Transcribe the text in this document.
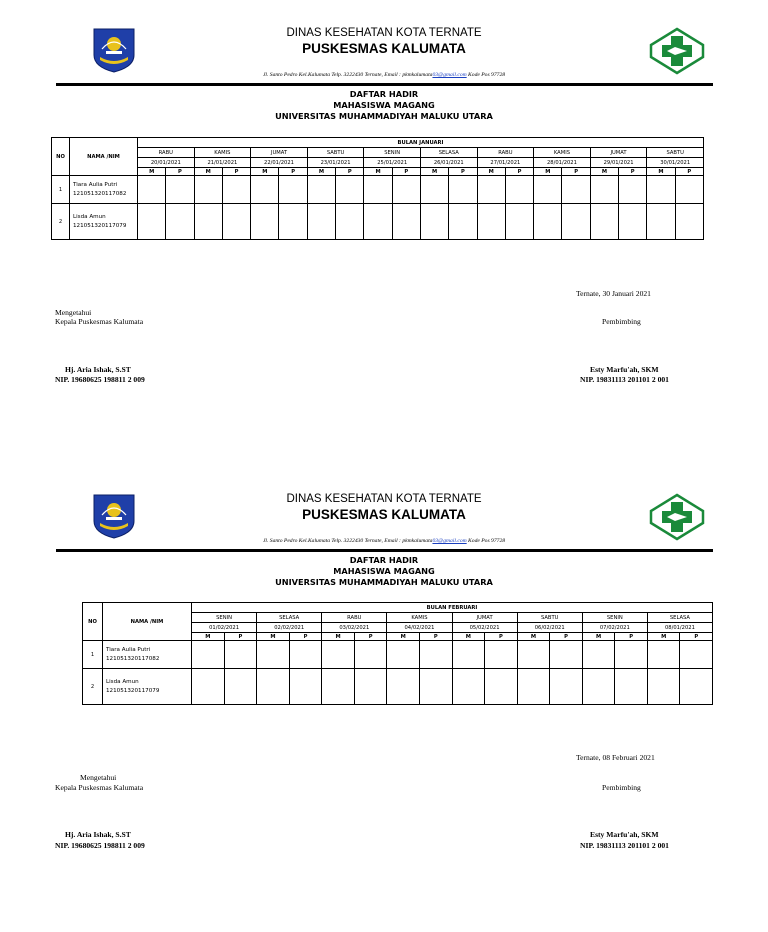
DINAS KESEHATAN KOTA TERNATE
PUSKESMAS KALUMATA
Jl. Santo Pedro Kel.Kalumata Telp. 3222430 Ternate, Email : pkmkalumata03@gmail.com Kode Pos 97728
DAFTAR HADIR
MAHASISWA MAGANG
UNIVERSITAS MUHAMMADIYAH MALUKU UTARA
NO	NAMA /NIM	BULAN JANUARI																			
		RABU		KAMIS		JUMAT		SABTU		SENIN		SELASA		RABU		KAMIS		JUMAT		SABTU	
		20/01/2021		21/01/2021		22/01/2021		23/01/2021		25/01/2021		26/01/2021		27/01/2021		28/01/2021		29/01/2021		30/01/2021	
		M	P	M	P	M	P	M	P	M	P	M	P	M	P	M	P	M	P	M	P
1	Tiara Aulia Putri
121051320117082																				

2	Lisda Amun
121051320117079																				

Ternate, 30 Januari 2021
Mengetahui
Kepala Puskesmas Kalumata	Pembimbing
Hj. Aria Ishak, S.ST
NIP. 19680625 198811 2 009
Esty Marfu'ah, SKM
NIP. 19831113 201101 2 001
DINAS KESEHATAN KOTA TERNATE
PUSKESMAS KALUMATA
Jl. Santo Pedro Kel.Kalumata Telp. 3222430 Ternate, Email : pkmkalumata03@gmail.com Kode Pos 97728
DAFTAR HADIR
MAHASISWA MAGANG
UNIVERSITAS MUHAMMADIYAH MALUKU UTARA
NO	NAMA /NIM	BULAN FEBRUARI															
		SENIN		SELASA		RABU		KAMIS		JUMAT		SABTU		SENIN		SELASA	
		01/02/2021		02/02/2021		03/02/2021		04/02/2021		05/02/2021		06/02/2021		07/02/2021		08/01/2021	
		M	P	M	P	M	P	M	P	M	P	M	P	M	P	M	P
1	Tiara Aulia Putri
121051320117082																

2	Lisda Amun
121051320117079																

Ternate, 08 Februari 2021
Mengetahui
Kepala Puskesmas Kalumata	Pembimbing
Hj. Aria Ishak, S.ST
NIP. 19680625 198811 2 009
Esty Marfu'ah, SKM
NIP. 19831113 201101 2 001
